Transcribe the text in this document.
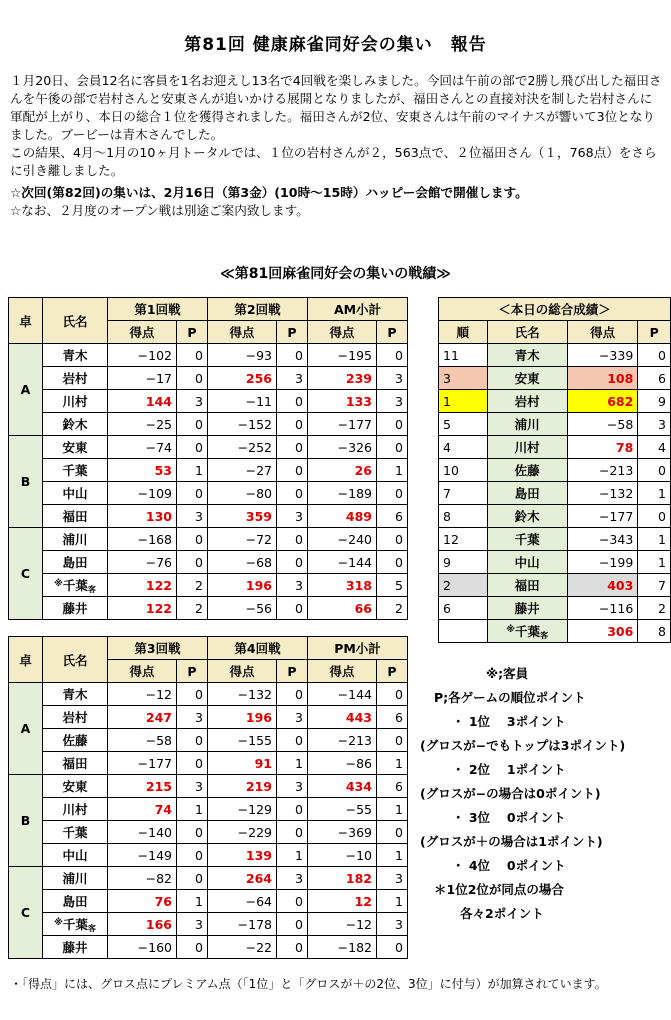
第81回 健康麻雀同好会の集い　報告

１月20日、会員12名に客員を1名お迎えし13名で4回戦を楽しみました。今回は午前の部で2勝し飛び出した福田さんを午後の部で岩村さんと安東さんが追いかける展開となりましたが、福田さんとの直接対決を制した岩村さんに軍配が上がり、本日の総合１位を獲得されました。福田さんが2位、安東さんは午前のマイナスが響いて3位となりました。ブービーは青木さんでした。

この結果、4月～1月の10ヶ月トータルでは、１位の岩村さんが２，563点で、２位福田さん（１，768点）をさらに引き離しました。

☆次回(第82回)の集いは、2月16日（第3金）(10時～15時）ハッピー会館で開催します。

☆なお、２月度のオープン戦は別途ご案内致します。

≪第81回麻雀同好会の集いの戦績≫
卓	氏名	第1回戦		第2回戦		AM小計	
		得点	P	得点	P	得点	P
A	青木	−102	0	−93	0	−195	0
	岩村	−17	0	256	3	239	3
	川村	144	3	−11	0	133	3
	鈴木	−25	0	−152	0	−177	0
B	安東	−74	0	−252	0	−326	0
	千葉	53	1	−27	0	26	1
	中山	−109	0	−80	0	−189	0
	福田	130	3	359	3	489	6
C	浦川	−168	0	−72	0	−240	0
	島田	−76	0	−68	0	−144	0
	※千葉客	122	2	196	3	318	5
	藤井	122	2	−56	0	66	2
卓	氏名	第3回戦		第4回戦		PM小計	
		得点	P	得点	P	得点	P
A	青木	−12	0	−132	0	−144	0
	岩村	247	3	196	3	443	6
	佐藤	−58	0	−155	0	−213	0
	福田	−177	0	91	1	−86	1
B	安東	215	3	219	3	434	6
	川村	74	1	−129	0	−55	1
	千葉	−140	0	−229	0	−369	0
	中山	−149	0	139	1	−10	1
C	浦川	−82	0	264	3	182	3
	島田	76	1	−64	0	12	1
	※千葉客	166	3	−178	0	−12	3
	藤井	−160	0	−22	0	−182	0
＜本日の総合成績＞			
順	氏名	得点	P
11	青木	−339	0
3	安東	108	6
1	岩村	682	9
5	浦川	−58	3
4	川村	78	4
10	佐藤	−213	0
7	島田	−132	1
8	鈴木	−177	0
12	千葉	−343	1
9	中山	−199	1
2	福田	403	7
6	藤井	−116	2
	※千葉客	306	8
※;客員
P;各ゲームの順位ポイント
・ 1位　 3ポイント
(グロスが−でもトップは3ポイント)
・ 2位　 1ポイント
(グロスが−の場合は0ポイント)
・ 3位　 0ポイント
(グロスが＋の場合は1ポイント)
・ 4位　 0ポイント
＊1位2位が同点の場合
各々2ポイント
・「得点」には、グロス点にプレミアム点（「1位」と「グロスが＋の2位、3位」に付与）が加算されています。
